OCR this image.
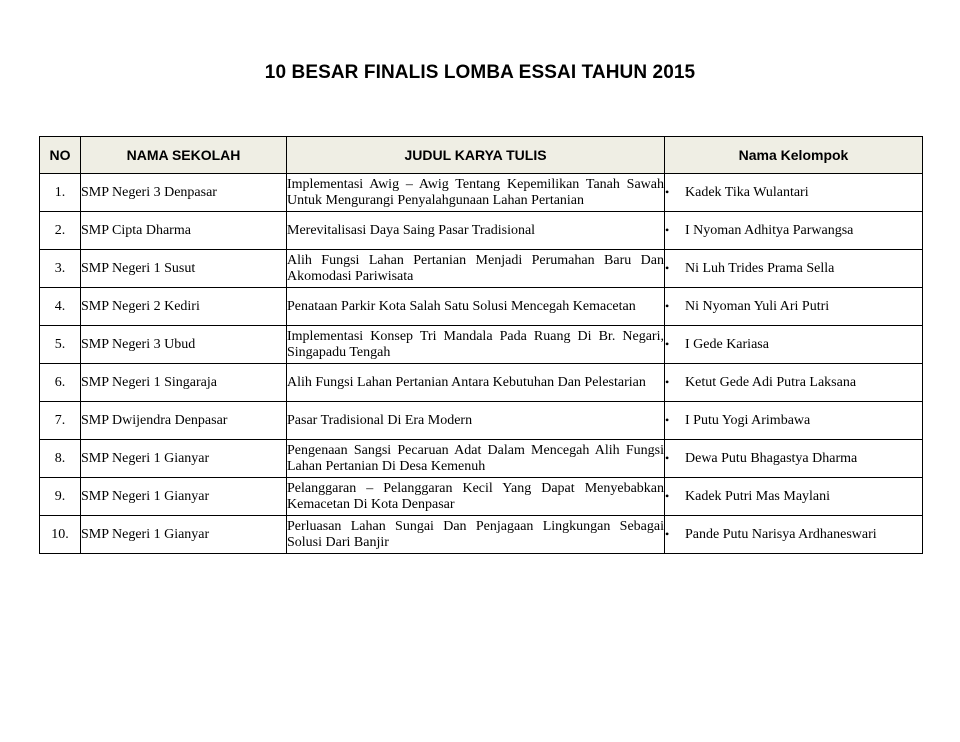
10 BESAR FINALIS LOMBA ESSAI TAHUN 2015
NO	NAMA SEKOLAH	JUDUL KARYA TULIS	Nama Kelompok
1.	SMP Negeri 3 Denpasar	Implementasi Awig – Awig Tentang Kepemilikan Tanah Sawah Untuk Mengurangi Penyalahgunaan Lahan Pertanian	• Kadek Tika Wulantari
2.	SMP Cipta Dharma	Merevitalisasi Daya Saing Pasar Tradisional	• I Nyoman Adhitya Parwangsa
3.	SMP Negeri 1 Susut	Alih Fungsi Lahan Pertanian Menjadi Perumahan Baru Dan Akomodasi Pariwisata	• Ni Luh Trides Prama Sella
4.	SMP Negeri 2 Kediri	Penataan Parkir Kota Salah Satu Solusi Mencegah Kemacetan	• Ni Nyoman Yuli Ari Putri
5.	SMP Negeri 3 Ubud	Implementasi Konsep Tri Mandala Pada Ruang Di Br. Negari, Singapadu Tengah	• I Gede Kariasa
6.	SMP Negeri 1 Singaraja	Alih Fungsi Lahan Pertanian Antara Kebutuhan Dan Pelestarian	• Ketut Gede Adi Putra Laksana
7.	SMP Dwijendra Denpasar	Pasar Tradisional Di Era Modern	• I Putu Yogi Arimbawa
8.	SMP Negeri 1 Gianyar	Pengenaan Sangsi Pecaruan Adat Dalam Mencegah Alih Fungsi Lahan Pertanian Di Desa Kemenuh	• Dewa Putu Bhagastya Dharma
9.	SMP Negeri 1 Gianyar	Pelanggaran – Pelanggaran Kecil Yang Dapat Menyebabkan Kemacetan Di Kota Denpasar	• Kadek Putri Mas Maylani
10.	SMP Negeri 1 Gianyar	Perluasan Lahan Sungai Dan Penjagaan Lingkungan Sebagai Solusi Dari Banjir	• Pande Putu Narisya Ardhaneswari
